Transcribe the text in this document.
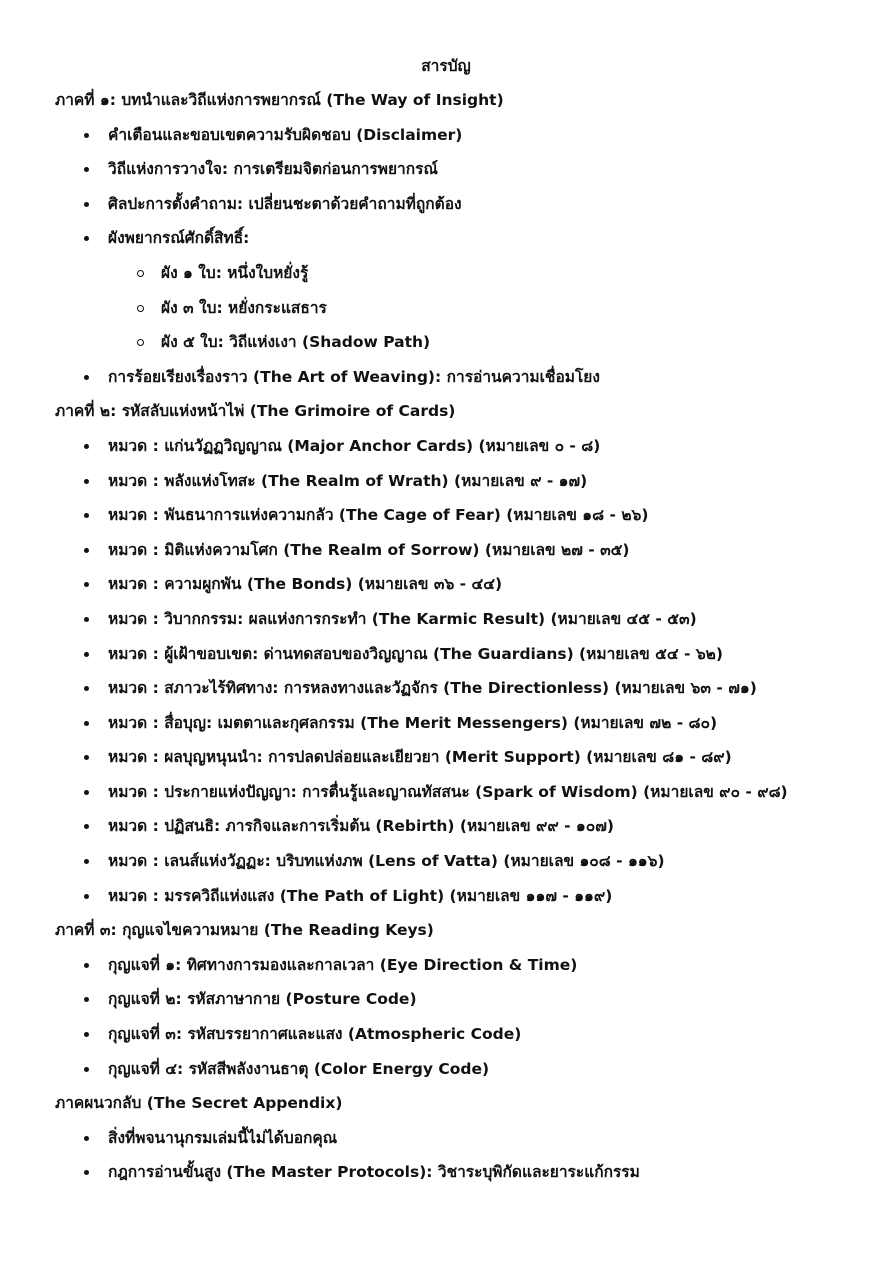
สารบัญ
ภาคที่ ๑: บทนำและวิถีแห่งการพยากรณ์ (The Way of Insight)
คำเตือนและขอบเขตความรับผิดชอบ (Disclaimer)
วิถีแห่งการวางใจ: การเตรียมจิตก่อนการพยากรณ์
ศิลปะการตั้งคำถาม: เปลี่ยนชะตาด้วยคำถามที่ถูกต้อง
ผังพยากรณ์ศักดิ์สิทธิ์:
ผัง ๑ ใบ: หนึ่งใบหยั่งรู้
ผัง ๓ ใบ: หยั่งกระแสธาร
ผัง ๕ ใบ: วิถีแห่งเงา (Shadow Path)
การร้อยเรียงเรื่องราว (The Art of Weaving): การอ่านความเชื่อมโยง
ภาคที่ ๒: รหัสลับแห่งหน้าไพ่ (The Grimoire of Cards)
หมวด : แก่นวัฏฏวิญญาณ (Major Anchor Cards) (หมายเลข ๐ - ๘)
หมวด : พลังแห่งโทสะ (The Realm of Wrath) (หมายเลข ๙ - ๑๗)
หมวด : พันธนาการแห่งความกลัว (The Cage of Fear) (หมายเลข ๑๘ - ๒๖)
หมวด : มิติแห่งความโศก (The Realm of Sorrow) (หมายเลข ๒๗ - ๓๕)
หมวด : ความผูกพัน (The Bonds) (หมายเลข ๓๖ - ๔๔)
หมวด : วิบากกรรม: ผลแห่งการกระทำ (The Karmic Result) (หมายเลข ๔๕ - ๕๓)
หมวด : ผู้เฝ้าขอบเขต: ด่านทดสอบของวิญญาณ (The Guardians) (หมายเลข ๕๔ - ๖๒)
หมวด : สภาวะไร้ทิศทาง: การหลงทางและวัฏจักร (The Directionless) (หมายเลข ๖๓ - ๗๑)
หมวด : สื่อบุญ: เมตตาและกุศลกรรม (The Merit Messengers) (หมายเลข ๗๒ - ๘๐)
หมวด : ผลบุญหนุนนำ: การปลดปล่อยและเยียวยา (Merit Support) (หมายเลข ๘๑ - ๘๙)
หมวด : ประกายแห่งปัญญา: การตื่นรู้และญาณทัสสนะ (Spark of Wisdom) (หมายเลข ๙๐ - ๙๘)
หมวด : ปฏิสนธิ: ภารกิจและการเริ่มต้น (Rebirth) (หมายเลข ๙๙ - ๑๐๗)
หมวด : เลนส์แห่งวัฏฏะ: บริบทแห่งภพ (Lens of Vatta) (หมายเลข ๑๐๘ - ๑๑๖)
หมวด : มรรควิถีแห่งแสง (The Path of Light) (หมายเลข ๑๑๗ - ๑๑๙)
ภาคที่ ๓: กุญแจไขความหมาย (The Reading Keys)
กุญแจที่ ๑: ทิศทางการมองและกาลเวลา (Eye Direction & Time)
กุญแจที่ ๒: รหัสภาษากาย (Posture Code)
กุญแจที่ ๓: รหัสบรรยากาศและแสง (Atmospheric Code)
กุญแจที่ ๔: รหัสสีพลังงานธาตุ (Color Energy Code)
ภาคผนวกลับ (The Secret Appendix)
สิ่งที่พจนานุกรมเล่มนี้ไม่ได้บอกคุณ
กฎการอ่านขั้นสูง (The Master Protocols): วิชาระบุพิกัดและยาระแก้กรรม
